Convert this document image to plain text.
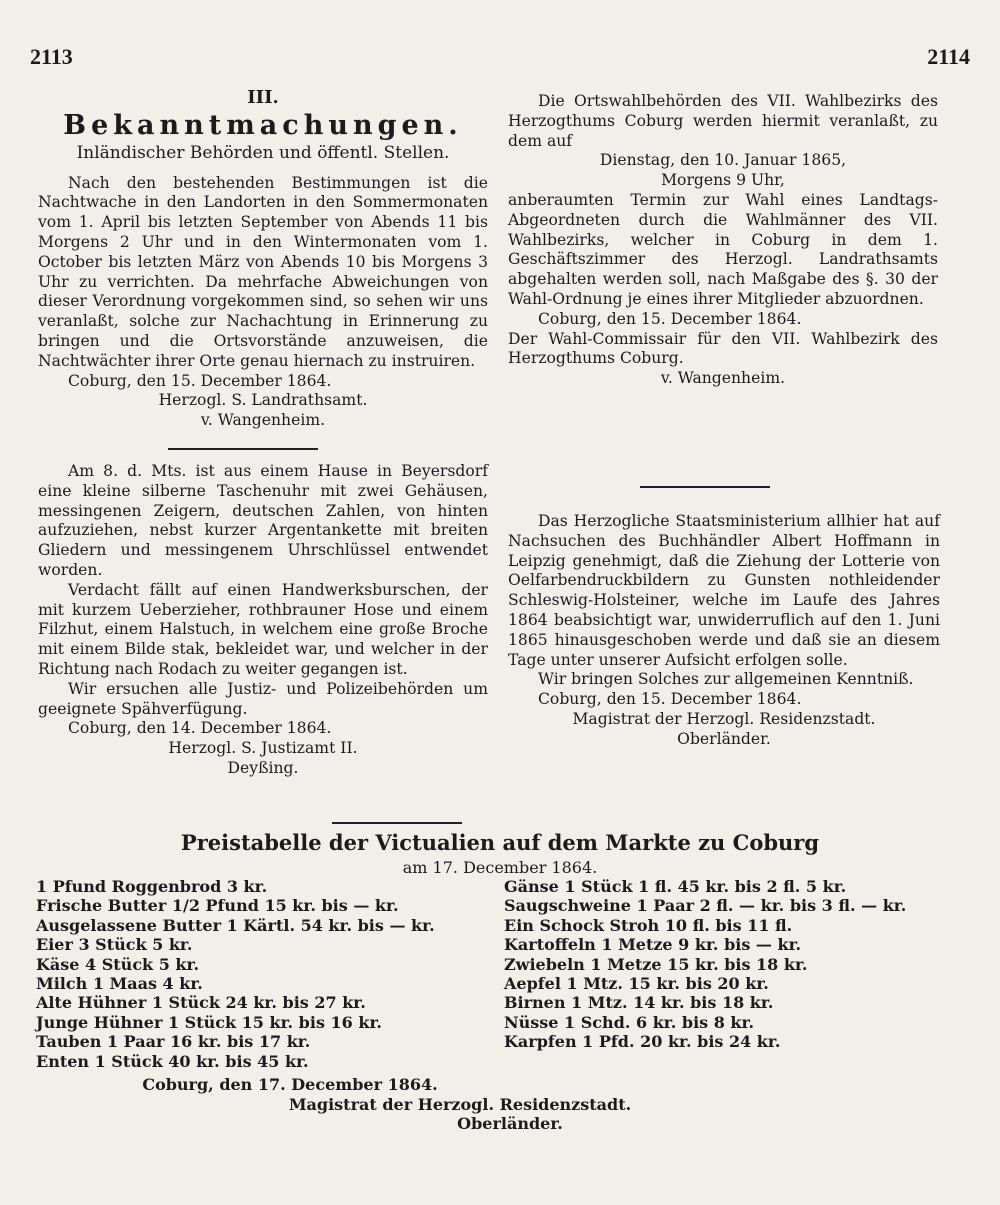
2113	2114
III.
Bekanntmachungen.
Inländischer Behörden und öffentl. Stellen.

Nach den bestehenden Bestimmungen ist die Nachtwache in den Landorten in den Sommermonaten vom 1. April bis letzten September von Abends 11 bis Morgens 2 Uhr und in den Wintermonaten vom 1. October bis letzten März von Abends 10 bis Morgens 3 Uhr zu verrichten. Da mehrfache Abweichungen von dieser Verordnung vorgekommen sind, so sehen wir uns veranlaßt, solche zur Nachachtung in Erinnerung zu bringen und die Ortsvorstände anzuweisen, die Nachtwächter ihrer Orte genau hiernach zu instruiren.

Coburg, den 15. December 1864.
Herzogl. S. Landrathsamt.
v. Wangenheim.

Am 8. d. Mts. ist aus einem Hause in Beyersdorf eine kleine silberne Taschenuhr mit zwei Gehäusen, messingenen Zeigern, deutschen Zahlen, von hinten aufzuziehen, nebst kurzer Argentankette mit breiten Gliedern und messingenem Uhrschlüssel entwendet worden.

Verdacht fällt auf einen Handwerksburschen, der mit kurzem Ueberzieher, rothbrauner Hose und einem Filzhut, einem Halstuch, in welchem eine große Broche mit einem Bilde stak, bekleidet war, und welcher in der Richtung nach Rodach zu weiter gegangen ist.

Wir ersuchen alle Justiz- und Polizeibehörden um geeignete Spähverfügung.

Coburg, den 14. December 1864.
Herzogl. S. Justizamt II.
Deyßing.

Die Ortswahlbehörden des VII. Wahlbezirks des Herzogthums Coburg werden hiermit veranlaßt, zu dem auf

Dienstag, den 10. Januar 1865,
Morgens 9 Uhr,

anberaumten Termin zur Wahl eines Landtags-Abgeordneten durch die Wahlmänner des VII. Wahlbezirks, welcher in Coburg in dem 1. Geschäftszimmer des Herzogl. Landrathsamts abgehalten werden soll, nach Maßgabe des §. 30 der Wahl-Ordnung je eines ihrer Mitglieder abzuordnen.

Coburg, den 15. December 1864.

Der Wahl-Commissair für den VII. Wahlbezirk des Herzogthums Coburg.

v. Wangenheim.

Das Herzogliche Staatsministerium allhier hat auf Nachsuchen des Buchhändler Albert Hoffmann in Leipzig genehmigt, daß die Ziehung der Lotterie von Oelfarbendruckbildern zu Gunsten nothleidender Schleswig-Holsteiner, welche im Laufe des Jahres 1864 beabsichtigt war, unwiderruflich auf den 1. Juni 1865 hinausgeschoben werde und daß sie an diesem Tage unter unserer Aufsicht erfolgen solle.

Wir bringen Solches zur allgemeinen Kenntniß.
Coburg, den 15. December 1864.
Magistrat der Herzogl. Residenzstadt.
Oberländer.
Preistabelle der Victualien auf dem Markte zu Coburg
am 17. December 1864.
1 Pfund Roggenbrod 3 kr.
Frische Butter 1/2 Pfund 15 kr. bis — kr.
Ausgelassene Butter 1 Kärtl. 54 kr. bis — kr.
Eier 3 Stück 5 kr.
Käse 4 Stück 5 kr.
Milch 1 Maas 4 kr.
Alte Hühner 1 Stück 24 kr. bis 27 kr.
Junge Hühner 1 Stück 15 kr. bis 16 kr.
Tauben 1 Paar 16 kr. bis 17 kr.
Enten 1 Stück 40 kr. bis 45 kr.
Gänse 1 Stück 1 fl. 45 kr. bis 2 fl. 5 kr.
Saugschweine 1 Paar 2 fl. — kr. bis 3 fl. — kr.
Ein Schock Stroh 10 fl. bis 11 fl.
Kartoffeln 1 Metze 9 kr. bis — kr.
Zwiebeln 1 Metze 15 kr. bis 18 kr.
Aepfel 1 Mtz. 15 kr. bis 20 kr.
Birnen 1 Mtz. 14 kr. bis 18 kr.
Nüsse 1 Schd. 6 kr. bis 8 kr.
Karpfen 1 Pfd. 20 kr. bis 24 kr.
Coburg, den 17. December 1864.
Magistrat der Herzogl. Residenzstadt.
Oberländer.
